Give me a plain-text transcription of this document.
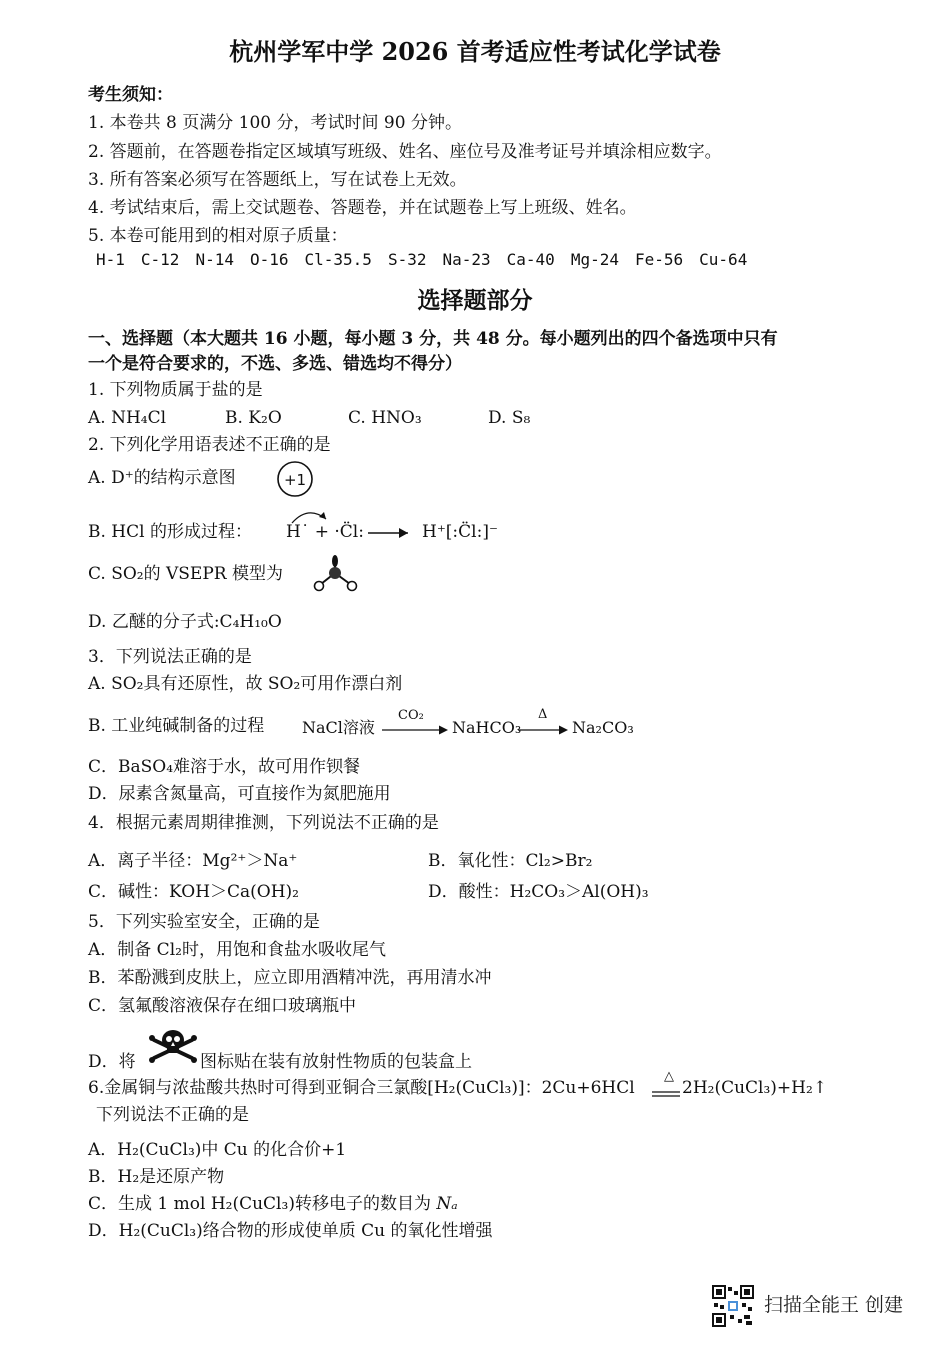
杭州学军中学 2026 首考适应性考试化学试卷
考生须知：
1. 本卷共 8 页满分 100 分，考试时间 90 分钟。
2. 答题前，在答题卷指定区域填写班级、姓名、座位号及准考证号并填涂相应数字。
3. 所有答案必须写在答题纸上，写在试卷上无效。
4. 考试结束后，需上交试题卷、答题卷，并在试题卷上写上班级、姓名。
5. 本卷可能用到的相对原子质量：
H-1 C-12 N-14 O-16 Cl-35.5 S-32 Na-23 Ca-40 Mg-24 Fe-56 Cu-64
选择题部分
一、选择题（本大题共 16 小题，每小题 3 分，共 48 分。每小题列出的四个备选项中只有
一个是符合要求的，不选、多选、错选均不得分）
1. 下列物质属于盐的是
A. NH₄Cl	B. K₂O	C. HNO₃	D. S₈
2. 下列化学用语表述不正确的是
A. D⁺的结构示意图	+1
B. HCl 的形成过程： H˙ + ·C̈l: → H⁺[:C̈l:]⁻
C. SO₂的 VSEPR 模型为
D. 乙醚的分子式:C₄H₁₀O
3．下列说法正确的是
A. SO₂具有还原性，故 SO₂可用作漂白剂
B. 工业纯碱制备的过程 NaCl溶液
CO₂
NaHCO₃
Δ
→ Na₂CO₃
C．BaSO₄难溶于水，故可用作钡餐
D．尿素含氮量高，可直接作为氮肥施用
4．根据元素周期律推测，下列说法不正确的是
A．离子半径：Mg²⁺＞Na⁺	B．氧化性：Cl₂>Br₂
C．碱性：KOH＞Ca(OH)₂	D．酸性：H₂CO₃＞Al(OH)₃
5．下列实验室安全，正确的是
A．制备 Cl₂时，用饱和食盐水吸收尾气
B．苯酚溅到皮肤上，应立即用酒精冲洗，再用清水冲
C．氢氟酸溶液保存在细口玻璃瓶中
D．将	图标贴在装有放射性物质的包装盒上
6.金属铜与浓盐酸共热时可得到亚铜合三氯酸[H₂(CuCl₃)]：2Cu+6HCl
△
2H₂(CuCl₃)+H₂↑
下列说法不正确的是
A．H₂(CuCl₃)中 Cu 的化合价+1
B．H₂是还原产物
C．生成 1 mol H₂(CuCl₃)转移电子的数目为 Nₐ
D．H₂(CuCl₃)络合物的形成使单质 Cu 的氧化性增强
扫描全能王 创建
